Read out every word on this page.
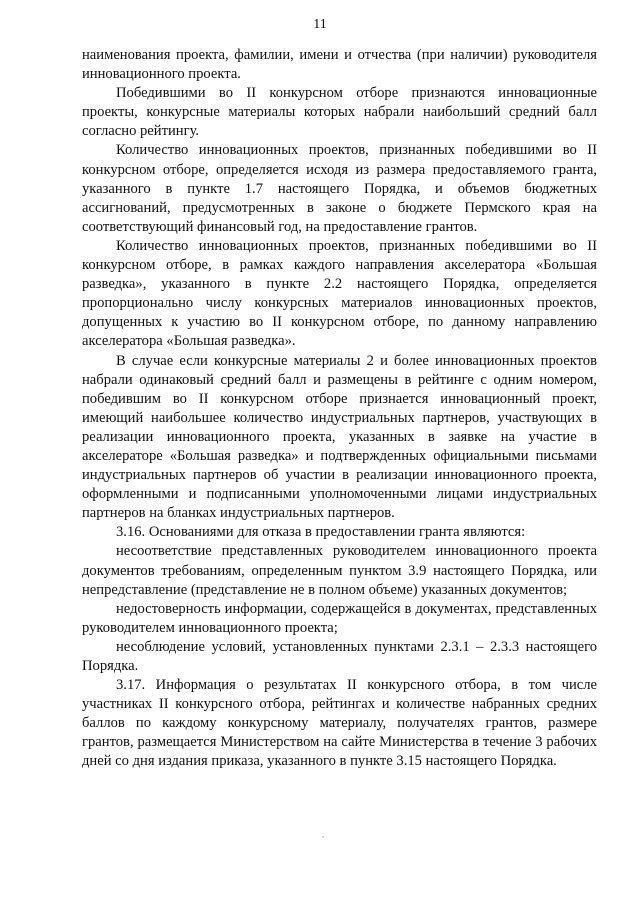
11

наименования проекта, фамилии, имени и отчества (при наличии) руководителя инновационного проекта.

Победившими во II конкурсном отборе признаются инновационные проекты, конкурсные материалы которых набрали наибольший средний балл согласно рейтингу.

Количество инновационных проектов, признанных победившими во II конкурсном отборе, определяется исходя из размера предоставляемого гранта, указанного в пункте 1.7 настоящего Порядка, и объемов бюджетных ассигнований, предусмотренных в законе о бюджете Пермского края на соответствующий финансовый год, на предоставление грантов.

Количество инновационных проектов, признанных победившими во II конкурсном отборе, в рамках каждого направления акселератора «Большая разведка», указанного в пункте 2.2 настоящего Порядка, определяется пропорционально числу конкурсных материалов инновационных проектов, допущенных к участию во II конкурсном отборе, по данному направлению акселератора «Большая разведка».

В случае если конкурсные материалы 2 и более инновационных проектов набрали одинаковый средний балл и размещены в рейтинге с одним номером, победившим во II конкурсном отборе признается инновационный проект, имеющий наибольшее количество индустриальных партнеров, участвующих в реализации инновационного проекта, указанных в заявке на участие в акселераторе «Большая разведка» и подтвержденных официальными письмами индустриальных партнеров об участии в реализации инновационного проекта, оформленными и подписанными уполномоченными лицами индустриальных партнеров на бланках индустриальных партнеров.

3.16. Основаниями для отказа в предоставлении гранта являются:

несоответствие представленных руководителем инновационного проекта документов требованиям, определенным пунктом 3.9 настоящего Порядка, или непредставление (представление не в полном объеме) указанных документов;

недостоверность информации, содержащейся в документах, представленных руководителем инновационного проекта;

несоблюдение условий, установленных пунктами 2.3.1 – 2.3.3 настоящего Порядка.

3.17. Информация о результатах II конкурсного отбора, в том числе участниках II конкурсного отбора, рейтингах и количестве набранных средних баллов по каждому конкурсному материалу, получателях грантов, размере грантов, размещается Министерством на сайте Министерства в течение 3 рабочих дней со дня издания приказа, указанного в пункте 3.15 настоящего Порядка.
